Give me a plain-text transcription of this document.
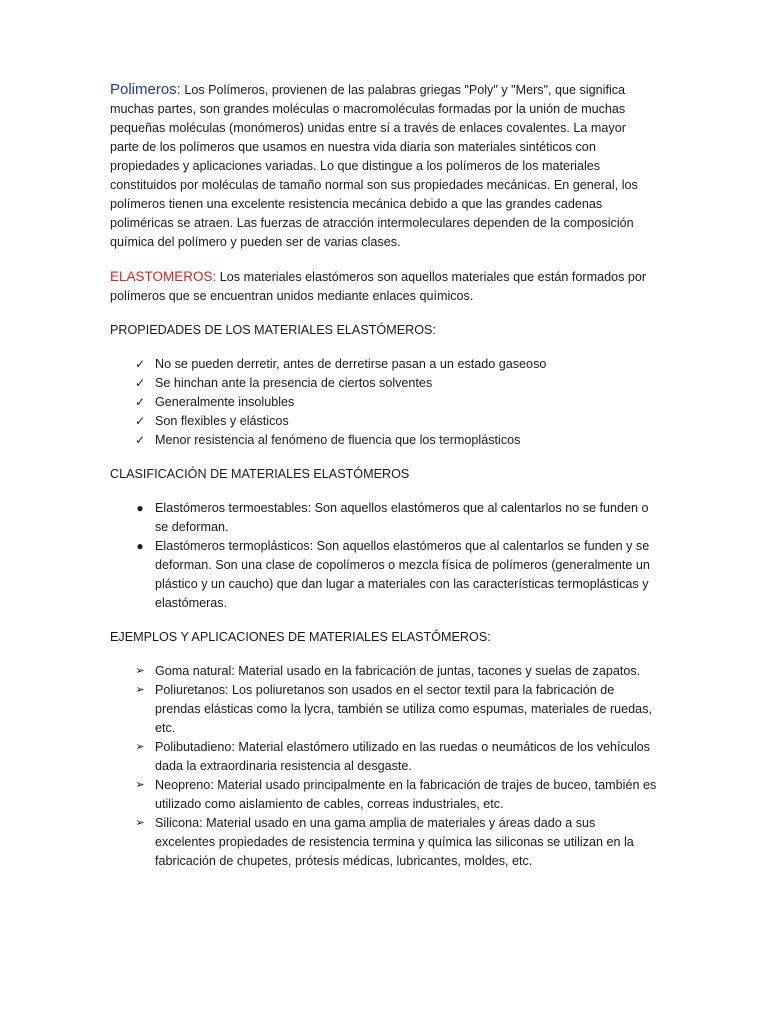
Polimeros: Los Polímeros, provienen de las palabras griegas "Poly" y "Mers", que significa muchas partes, son grandes moléculas o macromoléculas formadas por la unión de muchas pequeñas moléculas (monómeros) unidas entre sí a través de enlaces covalentes. La mayor parte de los polímeros que usamos en nuestra vida diaria son materiales sintéticos con propiedades y aplicaciones variadas. Lo que distingue a los polímeros de los materiales constituidos por moléculas de tamaño normal son sus propiedades mecánicas. En general, los polímeros tienen una excelente resistencia mecánica debido a que las grandes cadenas poliméricas se atraen. Las fuerzas de atracción intermoleculares dependen de la composición química del polímero y pueden ser de varias clases.

ELASTOMEROS: Los materiales elastómeros son aquellos materiales que están formados por polímeros que se encuentran unidos mediante enlaces químicos.

PROPIEDADES DE LOS MATERIALES ELASTÓMEROS:

✓ No se pueden derretir, antes de derretirse pasan a un estado gaseoso
✓ Se hinchan ante la presencia de ciertos solventes
✓ Generalmente insolubles
✓ Son flexibles y elásticos
✓ Menor resistencia al fenómeno de fluencia que los termoplásticos

CLASIFICACIÓN DE MATERIALES ELASTÓMEROS

● Elastómeros termoestables: Son aquellos elastómeros que al calentarlos no se funden o se deforman.
● Elastómeros termoplásticos: Son aquellos elastómeros que al calentarlos se funden y se deforman. Son una clase de copolímeros o mezcla física de polímeros (generalmente un plástico y un caucho) que dan lugar a materiales con las características termoplásticas y elastómeras.

EJEMPLOS Y APLICACIONES DE MATERIALES ELASTÓMEROS:

➢ Goma natural: Material usado en la fabricación de juntas, tacones y suelas de zapatos.
➢ Poliuretanos: Los poliuretanos son usados en el sector textil para la fabricación de prendas elásticas como la lycra, también se utiliza como espumas, materiales de ruedas, etc.
➢ Polibutadieno: Material elastómero utilizado en las ruedas o neumáticos de los vehículos dada la extraordinaria resistencia al desgaste.
➢ Neopreno: Material usado principalmente en la fabricación de trajes de buceo, también es utilizado como aislamiento de cables, correas industriales, etc.
➢ Silicona: Material usado en una gama amplia de materiales y áreas dado a sus excelentes propiedades de resistencia termina y química las siliconas se utilizan en la fabricación de chupetes, prótesis médicas, lubricantes, moldes, etc.
